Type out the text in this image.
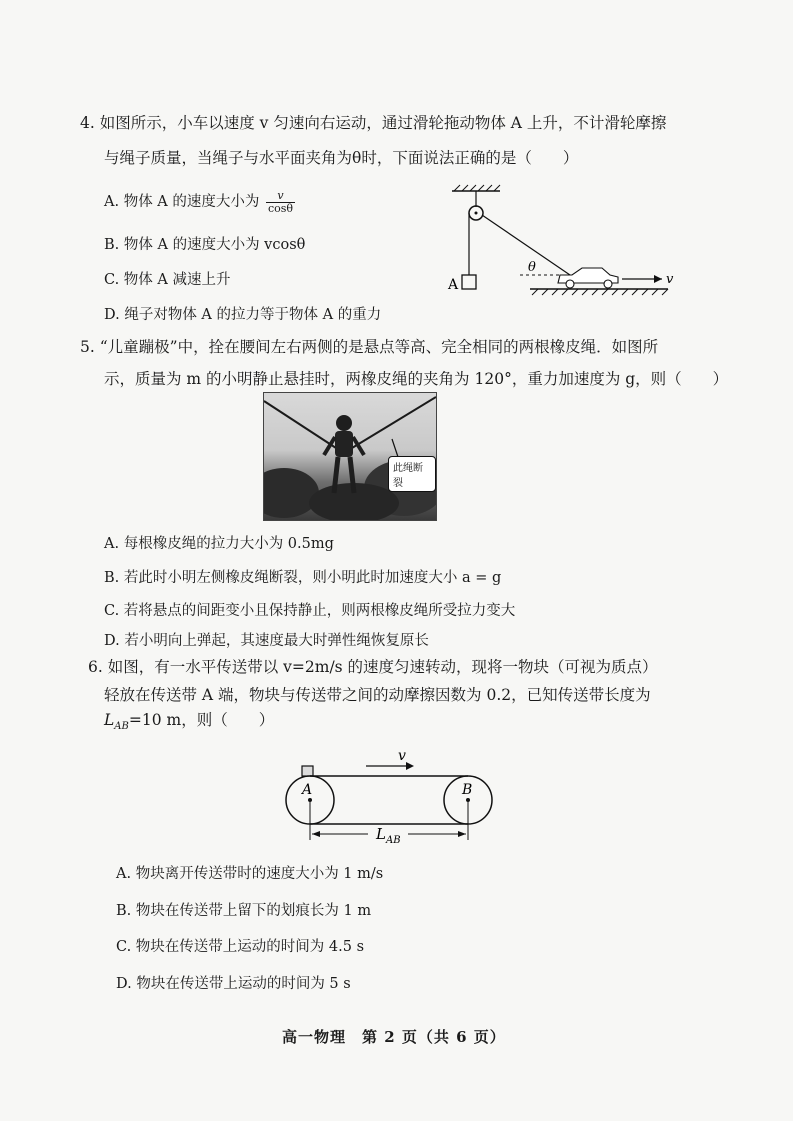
4. 如图所示，小车以速度 v 匀速向右运动，通过滑轮拖动物体 A 上升，不计滑轮摩擦
与绳子质量，当绳子与水平面夹角为θ时，下面说法正确的是（　　）
A. 物体 A 的速度大小为 $\frac{v}{\cos\theta}$
B. 物体 A 的速度大小为 vcosθ
C. 物体 A 减速上升
D. 绳子对物体 A 的拉力等于物体 A 的重力
A
θ
v
5. “儿童蹦极”中，拴在腰间左右两侧的是悬点等高、完全相同的两根橡皮绳．如图所
示，质量为 m 的小明静止悬挂时，两橡皮绳的夹角为 120°，重力加速度为 g，则（　　）
此绳断裂
A. 每根橡皮绳的拉力大小为 0.5mg
B. 若此时小明左侧橡皮绳断裂，则小明此时加速度大小 a = g
C. 若将悬点的间距变小且保持静止，则两根橡皮绳所受拉力变大
D. 若小明向上弹起，其速度最大时弹性绳恢复原长
6. 如图，有一水平传送带以 v=2m/s 的速度匀速转动，现将一物块（可视为质点）
轻放在传送带 A 端，物块与传送带之间的动摩擦因数为 0.2，已知传送带长度为
$L_{AB}=10$ m，则（　　）
v
A	B
$L_{AB}$
A. 物块离开传送带时的速度大小为 1 m/s
B. 物块在传送带上留下的划痕长为 1 m
C. 物块在传送带上运动的时间为 4.5 s
D. 物块在传送带上运动的时间为 5 s
高一物理　第 2 页（共 6 页）
